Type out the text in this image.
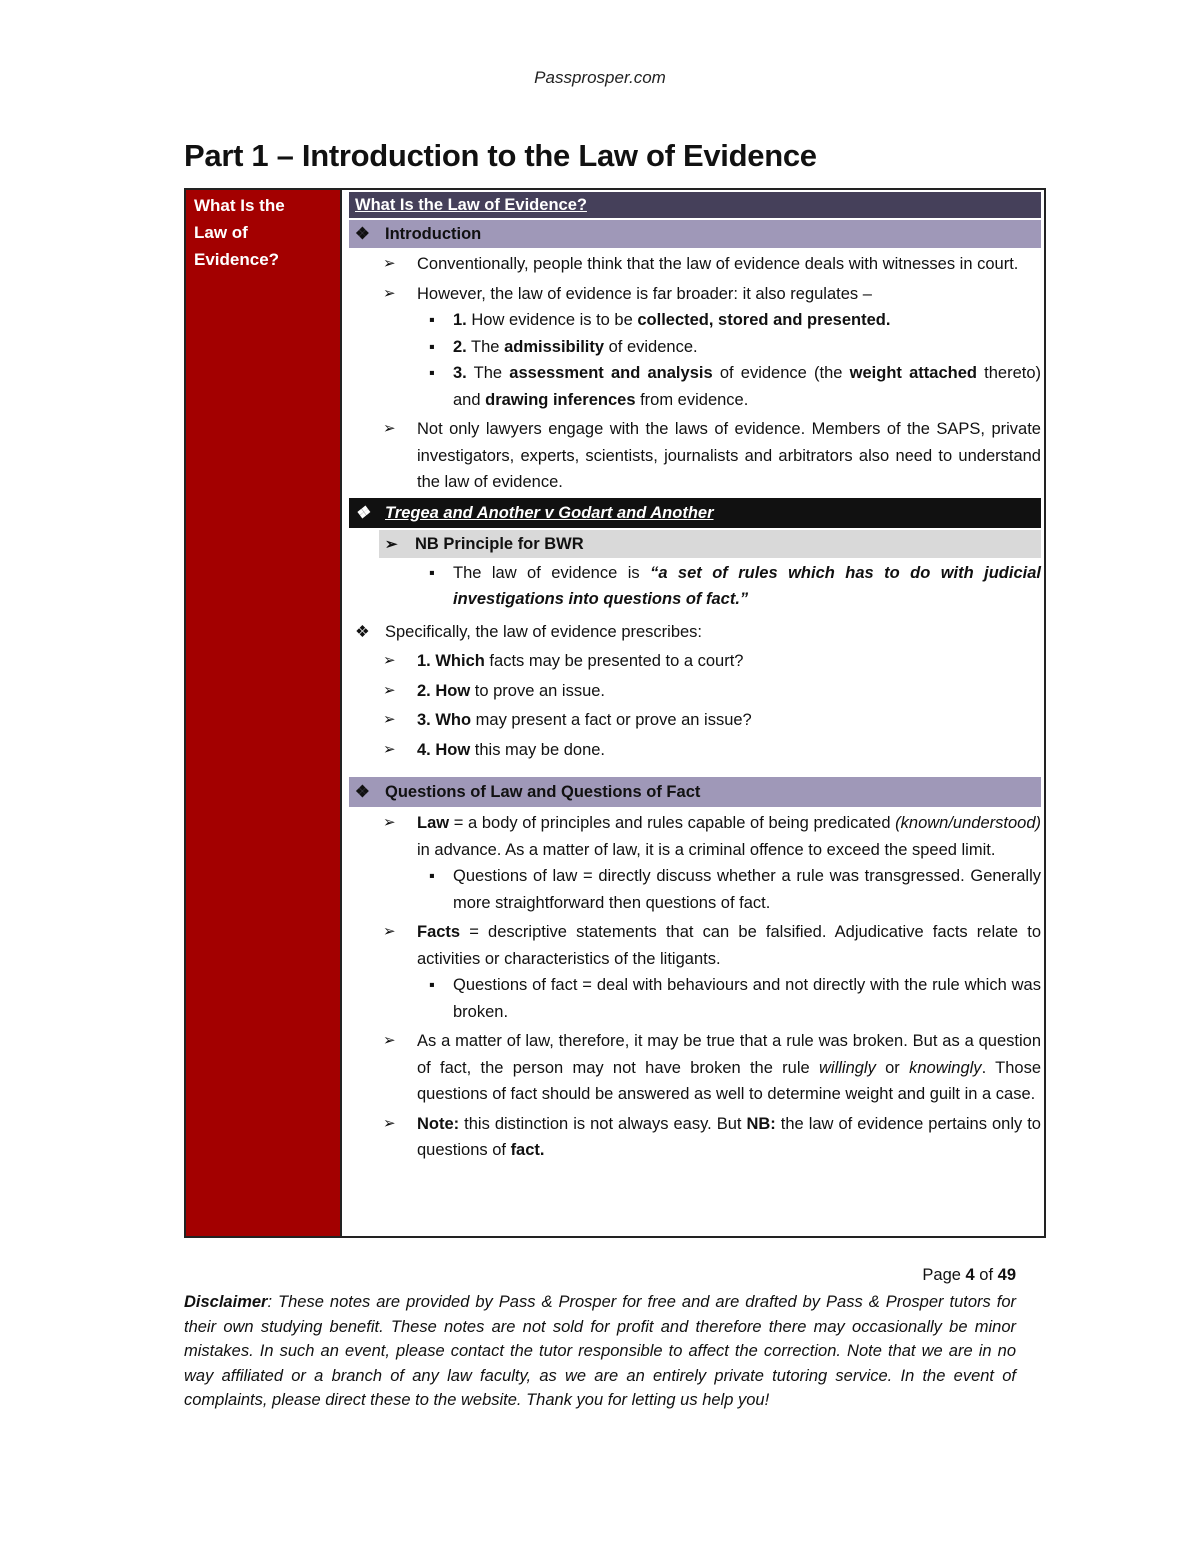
Passprosper.com
Part 1 – Introduction to the Law of Evidence
What Is the
Law of
Evidence?
What Is the Law of Evidence?
❖ Introduction
➢	Conventionally, people think that the law of evidence deals with witnesses in court.
➢	However, the law of evidence is far broader: it also regulates –
▪	1. How evidence is to be collected, stored and presented.
▪	2. The admissibility of evidence.
▪	3. The assessment and analysis of evidence (the weight attached thereto) and drawing inferences from evidence.
➢	Not only lawyers engage with the laws of evidence. Members of the SAPS, private investigators, experts, scientists, journalists and arbitrators also need to understand the law of evidence.
❖ Tregea and Another v Godart and Another
➢ NB Principle for BWR
▪	The law of evidence is “a set of rules which has to do with judicial investigations into questions of fact.”
❖ Specifically, the law of evidence prescribes:
➢	1. Which facts may be presented to a court?
➢	2. How to prove an issue.
➢	3. Who may present a fact or prove an issue?
➢	4. How this may be done.
❖ Questions of Law and Questions of Fact
➢	Law = a body of principles and rules capable of being predicated (known/understood) in advance. As a matter of law, it is a criminal offence to exceed the speed limit.
▪	Questions of law = directly discuss whether a rule was transgressed. Generally more straightforward then questions of fact.
➢	Facts = descriptive statements that can be falsified. Adjudicative facts relate to activities or characteristics of the litigants.
▪	Questions of fact = deal with behaviours and not directly with the rule which was broken.
➢	As a matter of law, therefore, it may be true that a rule was broken. But as a question of fact, the person may not have broken the rule willingly or knowingly. Those questions of fact should be answered as well to determine weight and guilt in a case.
➢	Note: this distinction is not always easy. But NB: the law of evidence pertains only to questions of fact.
Page 4 of 49
Disclaimer: These notes are provided by Pass & Prosper for free and are drafted by Pass & Prosper tutors for their own studying benefit. These notes are not sold for profit and therefore there may occasionally be minor mistakes. In such an event, please contact the tutor responsible to affect the correction. Note that we are in no way affiliated or a branch of any law faculty, as we are an entirely private tutoring service. In the event of complaints, please direct these to the website. Thank you for letting us help you!
